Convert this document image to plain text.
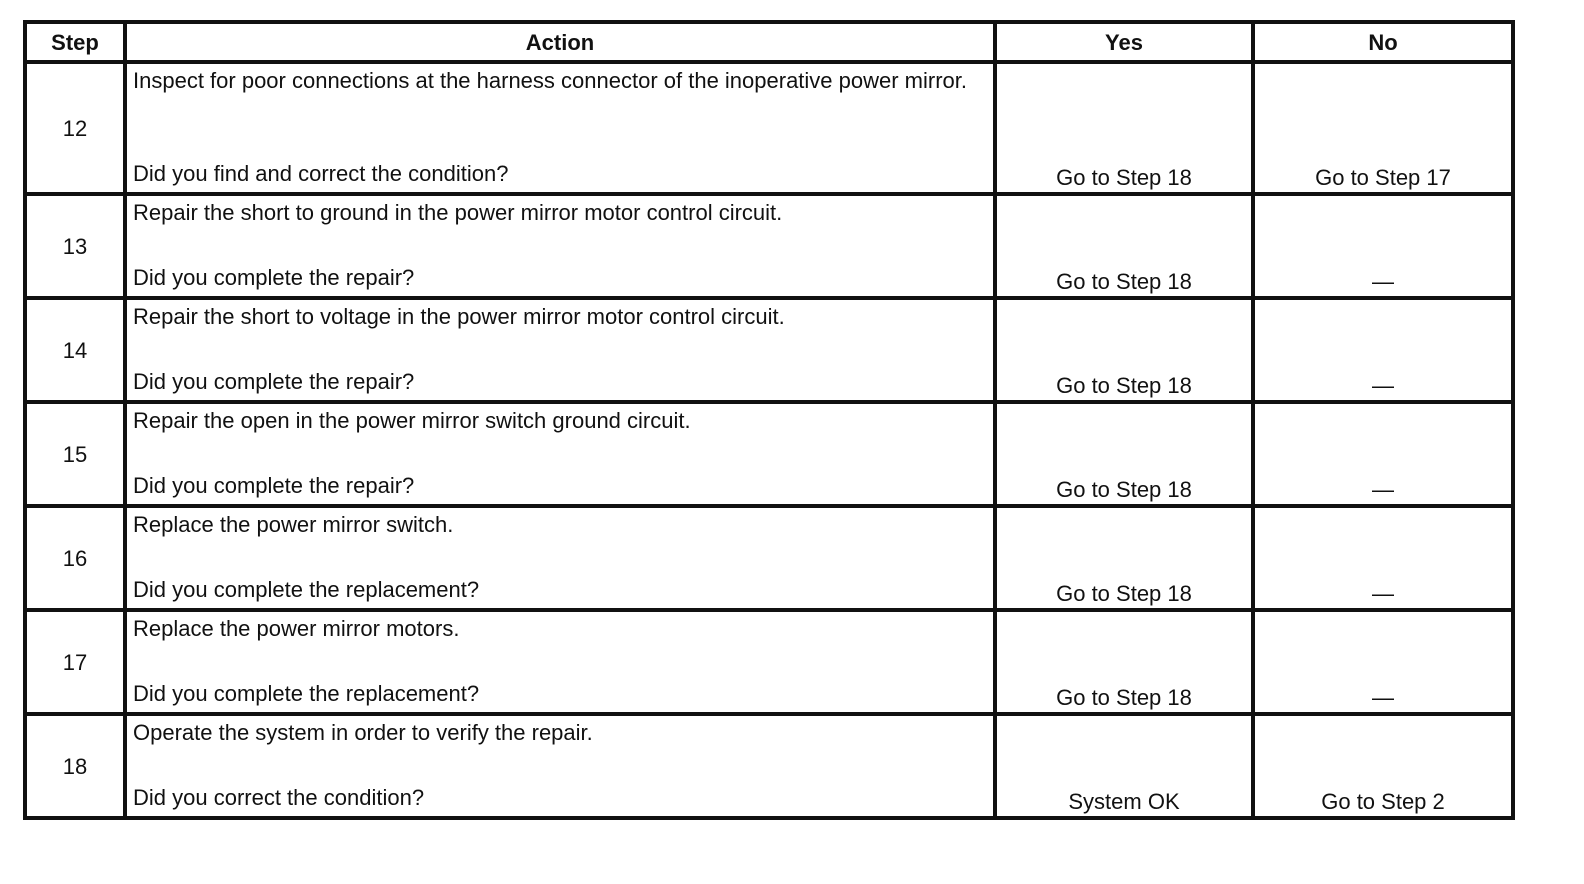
Step	Action	Yes	No
12	Inspect for poor connections at the harness connector of the inoperative power mirror.
Did you find and correct the condition?	Go to Step 18	Go to Step 17
13	Repair the short to ground in the power mirror motor control circuit.
Did you complete the repair?	Go to Step 18	—
14	Repair the short to voltage in the power mirror motor control circuit.
Did you complete the repair?	Go to Step 18	—
15	Repair the open in the power mirror switch ground circuit.
Did you complete the repair?	Go to Step 18	—
16	Replace the power mirror switch.
Did you complete the replacement?	Go to Step 18	—
17	Replace the power mirror motors.
Did you complete the replacement?	Go to Step 18	—
18	Operate the system in order to verify the repair.
Did you correct the condition?	System OK	Go to Step 2
